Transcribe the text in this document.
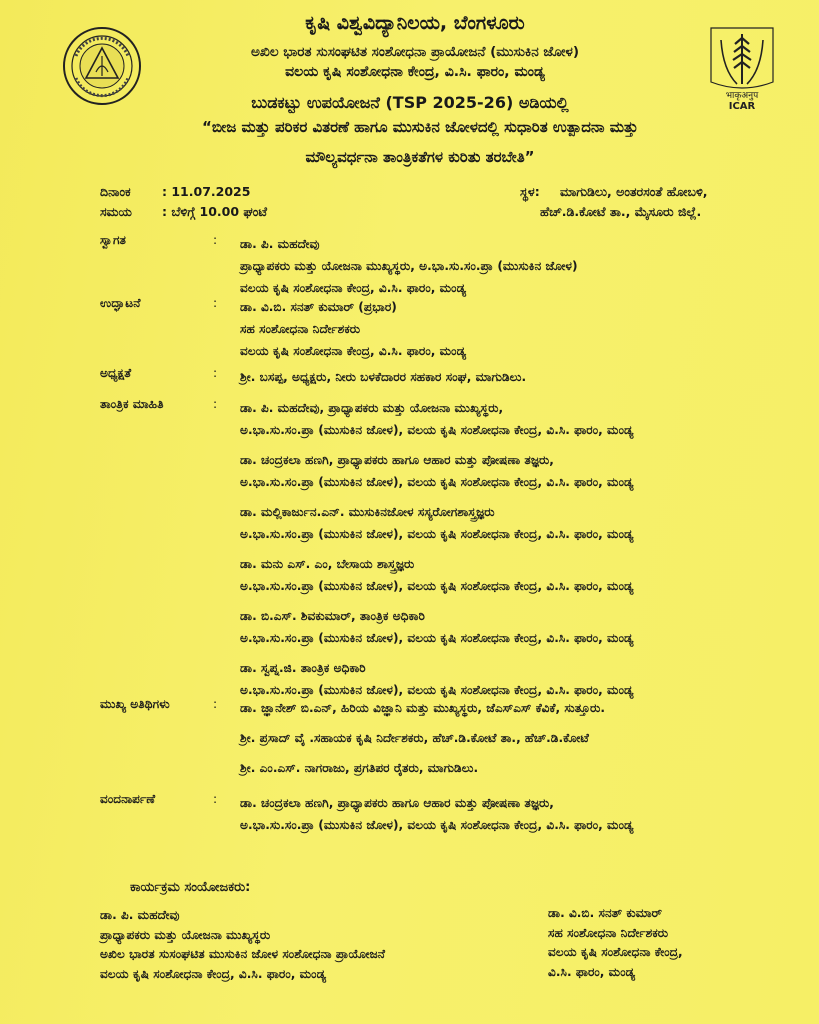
भाकृअनुप
ICAR
ಕೃಷಿ ವಿಶ್ವವಿದ್ಯಾನಿಲಯ, ಬೆಂಗಳೂರು
ಅಖಿಲ ಭಾರತ ಸುಸಂಘಟಿತ ಸಂಶೋಧನಾ ಪ್ರಾಯೋಜನೆ (ಮುಸುಕಿನ ಜೋಳ)
ವಲಯ ಕೃಷಿ ಸಂಶೋಧನಾ ಕೇಂದ್ರ, ವಿ.ಸಿ. ಫಾರಂ, ಮಂಡ್ಯ
ಬುಡಕಟ್ಟು ಉಪಯೋಜನೆ (TSP 2025-26) ಅಡಿಯಲ್ಲಿ
“ಬೀಜ ಮತ್ತು ಪರಿಕರ ವಿತರಣೆ ಹಾಗೂ ಮುಸುಕಿನ ಜೋಳದಲ್ಲಿ ಸುಧಾರಿತ ಉತ್ಪಾದನಾ ಮತ್ತು
ಮೌಲ್ಯವರ್ಧನಾ ತಾಂತ್ರಿಕತೆಗಳ ಕುರಿತು ತರಬೇತಿ”
ದಿನಾಂಕ	: 11.07.2025
ಸಮಯ : ಬೆಳಿಗ್ಗೆ 10.00 ಘಂಟೆ
ಸ್ಥಳ: ಮಾಗುಡಿಲು, ಅಂತರಸಂತೆ ಹೋಬಳಿ,
ಹೆಚ್.ಡಿ.ಕೋಟೆ ತಾ., ಮೈಸೂರು ಜಿಲ್ಲೆ.
ಸ್ವಾಗತ	: ಡಾ. ಪಿ. ಮಹದೇವು
ಪ್ರಾಧ್ಯಾಪಕರು ಮತ್ತು ಯೋಜನಾ ಮುಖ್ಯಸ್ಥರು, ಅ.ಭಾ.ಸು.ಸಂ.ಪ್ರಾ (ಮುಸುಕಿನ ಜೋಳ)
ವಲಯ ಕೃಷಿ ಸಂಶೋಧನಾ ಕೇಂದ್ರ, ವಿ.ಸಿ. ಫಾರಂ, ಮಂಡ್ಯ
ಉದ್ಘಾಟನೆ	: ಡಾ. ವಿ.ಬಿ. ಸನತ್ ಕುಮಾರ್ (ಪ್ರಭಾರ)
ಸಹ ಸಂಶೋಧನಾ ನಿರ್ದೇಶಕರು
ವಲಯ ಕೃಷಿ ಸಂಶೋಧನಾ ಕೇಂದ್ರ, ವಿ.ಸಿ. ಫಾರಂ, ಮಂಡ್ಯ
ಅಧ್ಯಕ್ಷತೆ	: ಶ್ರೀ. ಬಸಪ್ಪ, ಅಧ್ಯಕ್ಷರು, ನೀರು ಬಳಕೆದಾರರ ಸಹಕಾರ ಸಂಘ, ಮಾಗುಡಿಲು.
ತಾಂತ್ರಿಕ ಮಾಹಿತಿ	: ಡಾ. ಪಿ. ಮಹದೇವು, ಪ್ರಾಧ್ಯಾಪಕರು ಮತ್ತು ಯೋಜನಾ ಮುಖ್ಯಸ್ಥರು,
ಅ.ಭಾ.ಸು.ಸಂ.ಪ್ರಾ (ಮುಸುಕಿನ ಜೋಳ), ವಲಯ ಕೃಷಿ ಸಂಶೋಧನಾ ಕೇಂದ್ರ, ವಿ.ಸಿ. ಫಾರಂ, ಮಂಡ್ಯ
ಡಾ. ಚಂದ್ರಕಲಾ ಹಣಗಿ, ಪ್ರಾಧ್ಯಾಪಕರು ಹಾಗೂ ಆಹಾರ ಮತ್ತು ಪೋಷಣಾ ತಜ್ಞರು,
ಅ.ಭಾ.ಸು.ಸಂ.ಪ್ರಾ (ಮುಸುಕಿನ ಜೋಳ), ವಲಯ ಕೃಷಿ ಸಂಶೋಧನಾ ಕೇಂದ್ರ, ವಿ.ಸಿ. ಫಾರಂ, ಮಂಡ್ಯ
ಡಾ. ಮಲ್ಲಿಕಾರ್ಜುನ.ಎನ್. ಮುಸುಕಿನಜೋಳ ಸಸ್ಯರೋಗಶಾಸ್ತ್ರಜ್ಞರು
ಅ.ಭಾ.ಸು.ಸಂ.ಪ್ರಾ (ಮುಸುಕಿನ ಜೋಳ), ವಲಯ ಕೃಷಿ ಸಂಶೋಧನಾ ಕೇಂದ್ರ, ವಿ.ಸಿ. ಫಾರಂ, ಮಂಡ್ಯ
ಡಾ. ಮನು ಎಸ್. ಎಂ, ಬೇಸಾಯ ಶಾಸ್ತ್ರಜ್ಞರು
ಅ.ಭಾ.ಸು.ಸಂ.ಪ್ರಾ (ಮುಸುಕಿನ ಜೋಳ), ವಲಯ ಕೃಷಿ ಸಂಶೋಧನಾ ಕೇಂದ್ರ, ವಿ.ಸಿ. ಫಾರಂ, ಮಂಡ್ಯ
ಡಾ. ಬಿ.ಎಸ್. ಶಿವಕುಮಾರ್, ತಾಂತ್ರಿಕ ಅಧಿಕಾರಿ
ಅ.ಭಾ.ಸು.ಸಂ.ಪ್ರಾ (ಮುಸುಕಿನ ಜೋಳ), ವಲಯ ಕೃಷಿ ಸಂಶೋಧನಾ ಕೇಂದ್ರ, ವಿ.ಸಿ. ಫಾರಂ, ಮಂಡ್ಯ
ಡಾ. ಸ್ವಪ್ನ.ಜಿ. ತಾಂತ್ರಿಕ ಅಧಿಕಾರಿ
ಅ.ಭಾ.ಸು.ಸಂ.ಪ್ರಾ (ಮುಸುಕಿನ ಜೋಳ), ವಲಯ ಕೃಷಿ ಸಂಶೋಧನಾ ಕೇಂದ್ರ, ವಿ.ಸಿ. ಫಾರಂ, ಮಂಡ್ಯ
ಮುಖ್ಯ ಅತಿಥಿಗಳು	: ಡಾ. ಜ್ಞಾನೇಶ್ ಬಿ.ಎನ್, ಹಿರಿಯ ವಿಜ್ಞಾನಿ ಮತ್ತು ಮುಖ್ಯಸ್ಥರು, ಜೆಎಸ್‌ಎಸ್ ಕೆವಿಕೆ, ಸುತ್ತೂರು.
ಶ್ರೀ. ಪ್ರಸಾದ್ ವೈ .ಸಹಾಯಕ ಕೃಷಿ ನಿರ್ದೇಶಕರು, ಹೆಚ್.ಡಿ.ಕೋಟೆ ತಾ., ಹೆಚ್.ಡಿ.ಕೋಟೆ
ಶ್ರೀ. ಎಂ.ಎಸ್. ನಾಗರಾಜು, ಪ್ರಗತಿಪರ ರೈತರು, ಮಾಗುಡಿಲು.
ವಂದನಾರ್ಪಣೆ	: ಡಾ. ಚಂದ್ರಕಲಾ ಹಣಗಿ, ಪ್ರಾಧ್ಯಾಪಕರು ಹಾಗೂ ಆಹಾರ ಮತ್ತು ಪೋಷಣಾ ತಜ್ಞರು,
ಅ.ಭಾ.ಸು.ಸಂ.ಪ್ರಾ (ಮುಸುಕಿನ ಜೋಳ), ವಲಯ ಕೃಷಿ ಸಂಶೋಧನಾ ಕೇಂದ್ರ, ವಿ.ಸಿ. ಫಾರಂ, ಮಂಡ್ಯ
ಕಾರ್ಯಕ್ರಮ ಸಂಯೋಜಕರು:
ಡಾ. ಪಿ. ಮಹದೇವು
ಪ್ರಾಧ್ಯಾಪಕರು ಮತ್ತು ಯೋಜನಾ ಮುಖ್ಯಸ್ಥರು
ಅಖಿಲ ಭಾರತ ಸುಸಂಘಟಿತ ಮುಸುಕಿನ ಜೋಳ ಸಂಶೋಧನಾ ಪ್ರಾಯೋಜನೆ
ವಲಯ ಕೃಷಿ ಸಂಶೋಧನಾ ಕೇಂದ್ರ, ವಿ.ಸಿ. ಫಾರಂ, ಮಂಡ್ಯ
ಡಾ. ವಿ.ಬಿ. ಸನತ್ ಕುಮಾರ್
ಸಹ ಸಂಶೋಧನಾ ನಿರ್ದೇಶಕರು
ವಲಯ ಕೃಷಿ ಸಂಶೋಧನಾ ಕೇಂದ್ರ,
ವಿ.ಸಿ. ಫಾರಂ, ಮಂಡ್ಯ
